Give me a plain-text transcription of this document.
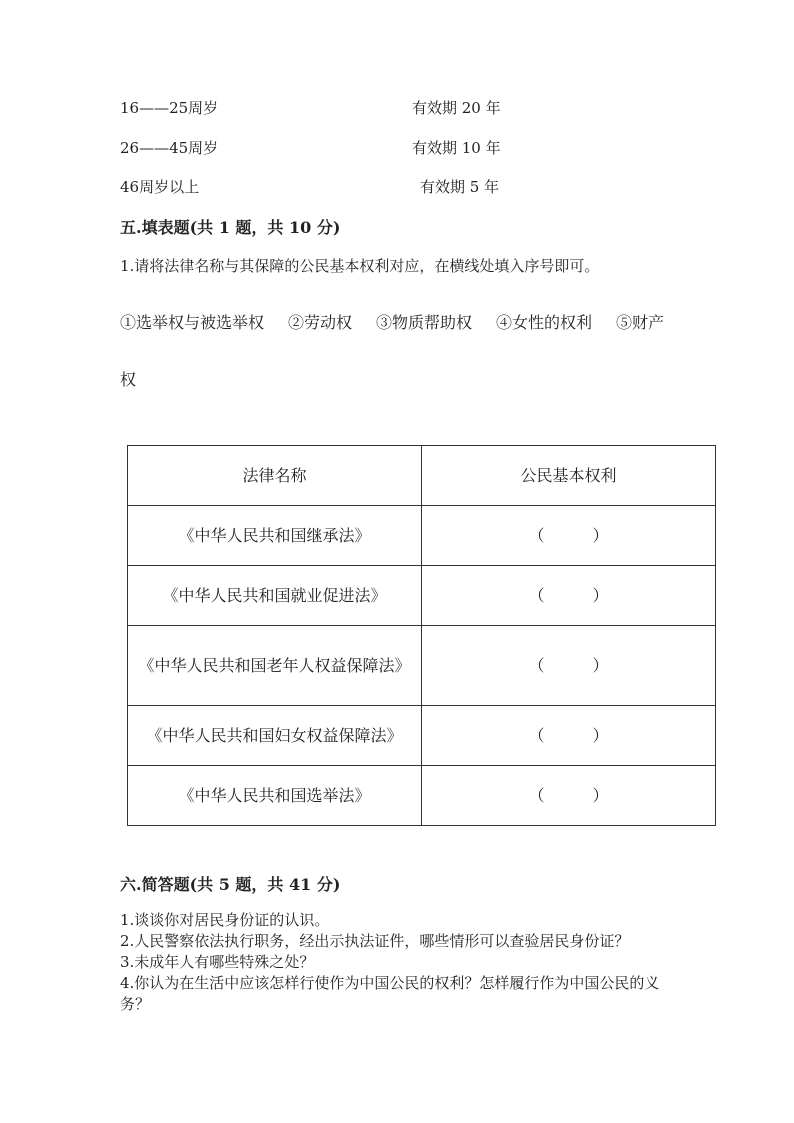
16——25周岁	有效期 20 年
26——45周岁	有效期 10 年
46周岁以上	有效期 5 年
五.填表题(共 1 题，共 10 分)
1.请将法律名称与其保障的公民基本权利对应，在横线处填入序号即可。
①选举权与被选举权 ②劳动权 ③物质帮助权 ④女性的权利 ⑤财产
权
法律名称	公民基本权利
《中华人民共和国继承法》	（　　　）
《中华人民共和国就业促进法》	（　　　）
《中华人民共和国老年人权益保障法》	（　　　）
《中华人民共和国妇女权益保障法》	（　　　）
《中华人民共和国选举法》	（　　　）
六.简答题(共 5 题，共 41 分)
1.谈谈你对居民身份证的认识。
2.人民警察依法执行职务，经出示执法证件，哪些情形可以查验居民身份证？
3.未成年人有哪些特殊之处？
4.你认为在生活中应该怎样行使作为中国公民的权利？怎样履行作为中国公民的义务？
